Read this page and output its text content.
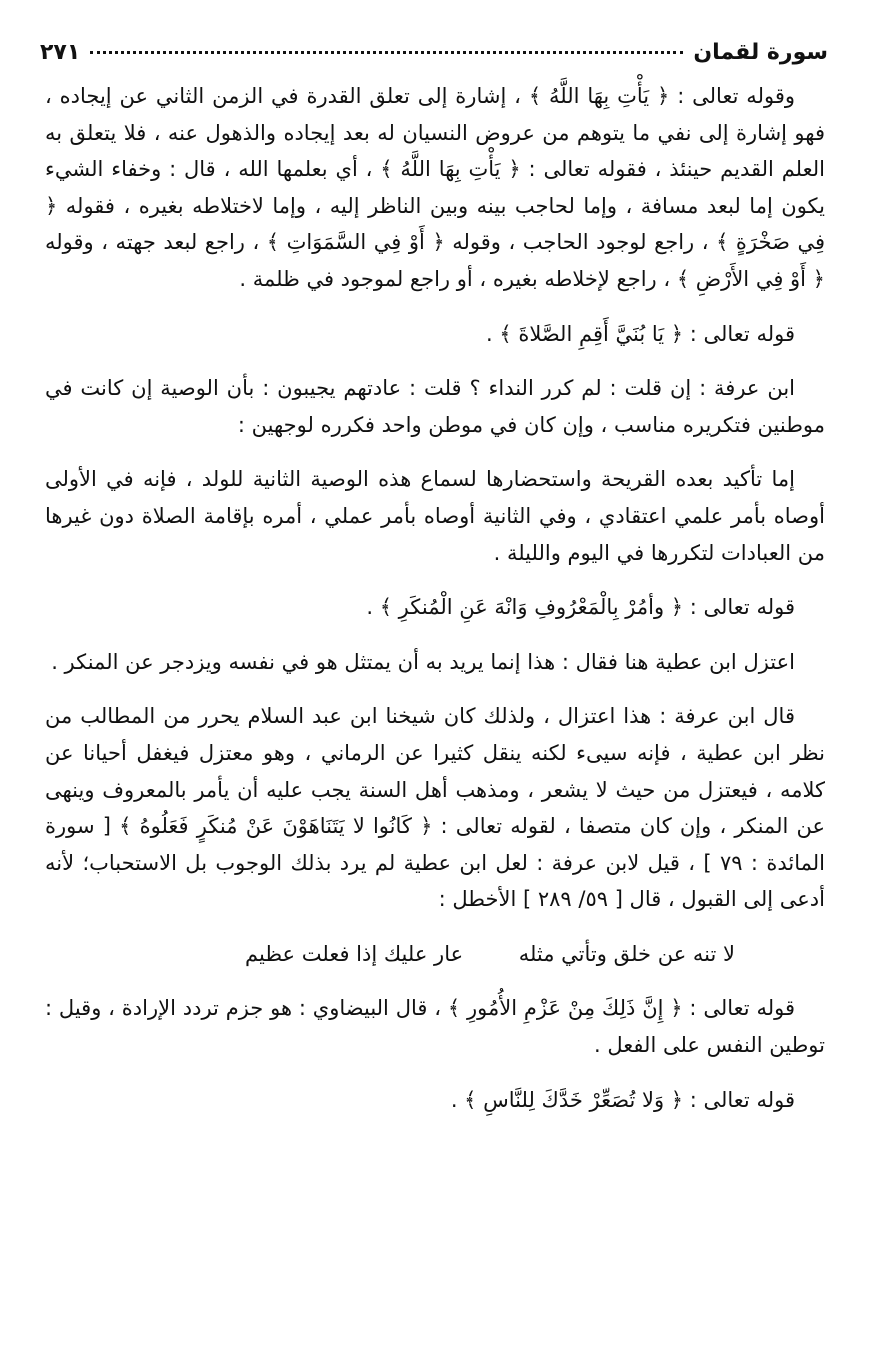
سورة لقمان
٢٧١

وقوله تعالى : ﴿ يَأْتِ بِهَا اللَّهُ ﴾ ، إشارة إلى تعلق القدرة في الزمن الثاني عن إيجاده ، فهو إشارة إلى نفي ما يتوهم من عروض النسيان له بعد إيجاده والذهول عنه ، فلا يتعلق به العلم القديم حينئذ ، فقوله تعالى : ﴿ يَأْتِ بِهَا اللَّهُ ﴾ ، أي بعلمها الله ، قال : وخفاء الشيء يكون إما لبعد مسافة ، وإما لحاجب بينه وبين الناظر إليه ، وإما لاختلاطه بغيره ، فقوله ﴿ فِي صَخْرَةٍ ﴾ ، راجع لوجود الحاجب ، وقوله ﴿ أَوْ فِي السَّمَوَاتِ ﴾ ، راجع لبعد جهته ، وقوله ﴿ أَوْ فِي الأَرْضِ ﴾ ، راجع لإخلاطه بغيره ، أو راجع لموجود في ظلمة .

قوله تعالى : ﴿ يَا بُنَيَّ أَقِمِ الصَّلاةَ ﴾ .

ابن عرفة : إن قلت : لم كرر النداء ؟ قلت : عادتهم يجيبون : بأن الوصية إن كانت في موطنين فتكريره مناسب ، وإن كان في موطن واحد فكرره لوجهين :

إما تأكيد بعده القريحة واستحضارها لسماع هذه الوصية الثانية للولد ، فإنه في الأولى أوصاه بأمر علمي اعتقادي ، وفي الثانية أوصاه بأمر عملي ، أمره بإقامة الصلاة دون غيرها من العبادات لتكررها في اليوم والليلة .

قوله تعالى : ﴿ وأمُرْ بِالْمَعْرُوفِ وَانْهَ عَنِ الْمُنكَرِ ﴾ .

اعتزل ابن عطية هنا فقال : هذا إنما يريد به أن يمتثل هو في نفسه ويزدجر عن المنكر .

قال ابن عرفة : هذا اعتزال ، ولذلك كان شيخنا ابن عبد السلام يحرر من المطالب من نظر ابن عطية ، فإنه سيىء لكنه ينقل كثيرا عن الرماني ، وهو معتزل فيغفل أحيانا عن كلامه ، فيعتزل من حيث لا يشعر ، ومذهب أهل السنة يجب عليه أن يأمر بالمعروف وينهى عن المنكر ، وإن كان متصفا ، لقوله تعالى : ﴿ كَانُوا لا يَتَنَاهَوْنَ عَنْ مُنكَرٍ فَعَلُوهُ ﴾ [ سورة المائدة : ٧٩ ] ، قيل لابن عرفة : لعل ابن عطية لم يرد بذلك الوجوب بل الاستحباب؛ لأنه أدعى إلى القبول ، قال [ ٥٩/ ٢٨٩ ] الأخطل :

لا تنه عن خلق وتأتي مثله
عار عليك إذا فعلت عظيم

قوله تعالى : ﴿ إِنَّ ذَلِكَ مِنْ عَزْمِ الأُمُورِ ﴾ ، قال البيضاوي : هو جزم تردد الإرادة ، وقيل : توطين النفس على الفعل .

قوله تعالى : ﴿ وَلا تُصَعِّرْ خَدَّكَ لِلنَّاسِ ﴾ .
